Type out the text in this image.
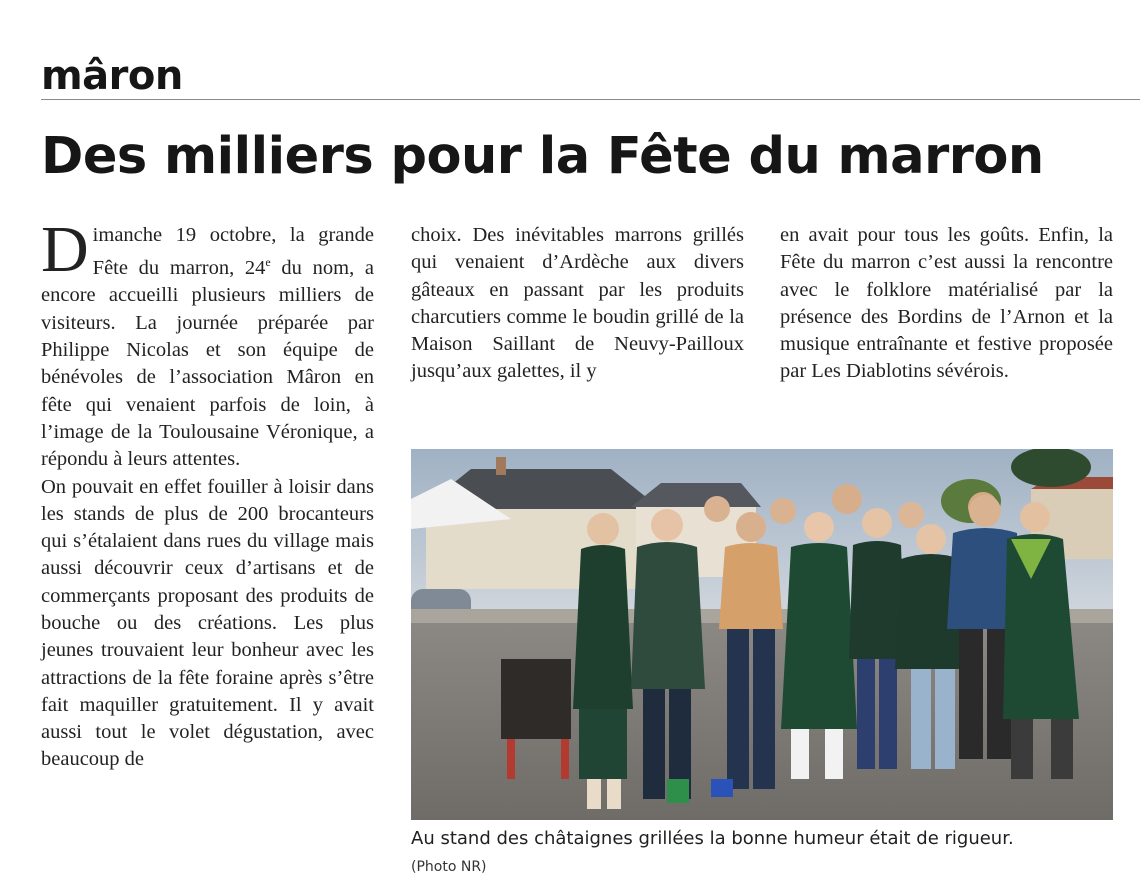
mâron
Des milliers pour la Fête du marron

Dimanche 19 octobre, la grande Fête du marron, 24e du nom, a encore accueilli plusieurs milliers de visiteurs. La journée préparée par Philippe Nicolas et son équipe de bénévoles de l’association Mâron en fête qui venaient parfois de loin, à l’image de la Toulousaine Véronique, a répondu à leurs attentes.

On pouvait en effet fouiller à loisir dans les stands de plus de 200 brocanteurs qui s’étalaient dans rues du village mais aussi découvrir ceux d’artisans et de commerçants proposant des produits de bouche ou des créations. Les plus jeunes trouvaient leur bonheur avec les attractions de la fête foraine après s’être fait maquiller gratuitement. Il y avait aussi tout le volet dégustation, avec beaucoup de

choix. Des inévitables marrons grillés qui venaient d’Ardèche aux divers gâteaux en passant par les produits charcutiers comme le boudin grillé de la Maison Saillant de Neuvy-Pailloux jusqu’aux galettes, il y

en avait pour tous les goûts. Enfin, la Fête du marron c’est aussi la rencontre avec le folklore matérialisé par la présence des Bordins de l’Arnon et la musique entraînante et festive proposée par Les Diablotins sévérois.

Au stand des châtaignes grillées la bonne humeur était de rigueur.

(Photo NR)
